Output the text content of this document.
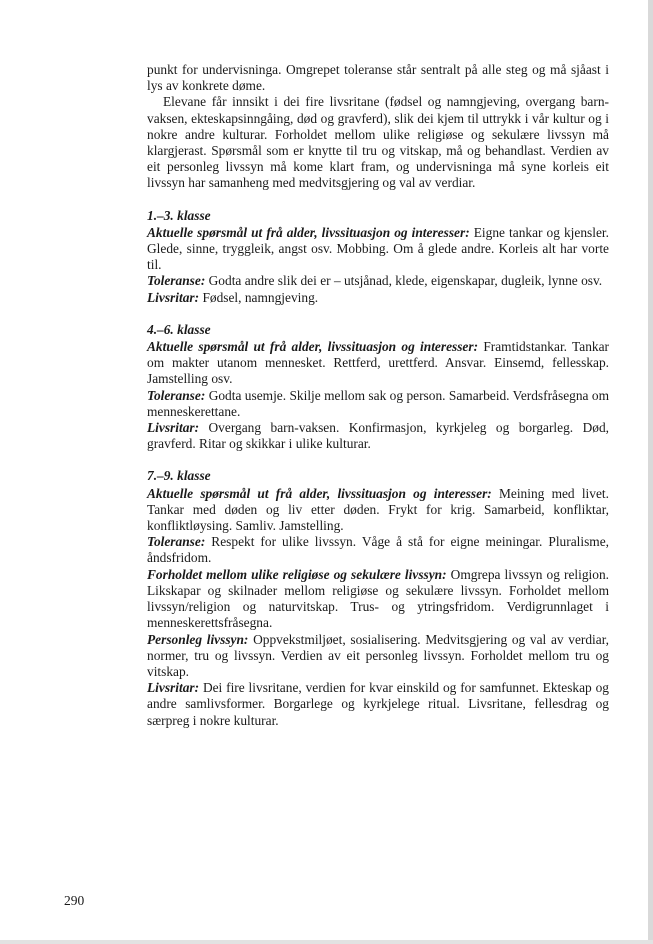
punkt for undervisninga. Omgrepet toleranse står sentralt på alle steg og må sjåast i lys av konkrete døme.

Elevane får innsikt i dei fire livsritane (fødsel og namngjeving, overgang barn-vaksen, ekteskapsinngåing, død og gravferd), slik dei kjem til uttrykk i vår kultur og i nokre andre kulturar. Forholdet mellom ulike religiøse og sekulære livssyn må klargjerast. Spørsmål som er knytte til tru og vitskap, må og behandlast. Verdien av eit personleg livssyn må kome klart fram, og undervisninga må syne korleis eit livssyn har samanheng med medvitsgjering og val av verdiar.

1.–3. klasse

Aktuelle spørsmål ut frå alder, livssituasjon og interesser: Eigne tankar og kjensler. Glede, sinne, tryggleik, angst osv. Mobbing. Om å glede andre. Korleis alt har vorte til.

Toleranse: Godta andre slik dei er – utsjånad, klede, eigenskapar, dugleik, lynne osv.

Livsritar: Fødsel, namngjeving.

4.–6. klasse

Aktuelle spørsmål ut frå alder, livssituasjon og interesser: Framtidstankar. Tankar om makter utanom mennesket. Rettferd, urettferd. Ansvar. Einsemd, fellesskap. Jamstelling osv.

Toleranse: Godta usemje. Skilje mellom sak og person. Samarbeid. Verdsfråsegna om menneskerettane.

Livsritar: Overgang barn-vaksen. Konfirmasjon, kyrkjeleg og borgarleg. Død, gravferd. Ritar og skikkar i ulike kulturar.

7.–9. klasse

Aktuelle spørsmål ut frå alder, livssituasjon og interesser: Meining med livet. Tankar med døden og liv etter døden. Frykt for krig. Samarbeid, konfliktar, konfliktløysing. Samliv. Jamstelling.

Toleranse: Respekt for ulike livssyn. Våge å stå for eigne meiningar. Pluralisme, åndsfridom.

Forholdet mellom ulike religiøse og sekulære livssyn: Omgrepa livssyn og religion. Likskapar og skilnader mellom religiøse og sekulære livssyn. Forholdet mellom livssyn/religion og naturvitskap. Trus- og ytringsfridom. Verdigrunnlaget i menneskerettsfråsegna.

Personleg livssyn: Oppvekstmiljøet, sosialisering. Medvitsgjering og val av verdiar, normer, tru og livssyn. Verdien av eit personleg livssyn. Forholdet mellom tru og vitskap.

Livsritar: Dei fire livsritane, verdien for kvar einskild og for samfunnet. Ekteskap og andre samlivsformer. Borgarlege og kyrkjelege ritual. Livsritane, fellesdrag og særpreg i nokre kulturar.

290
